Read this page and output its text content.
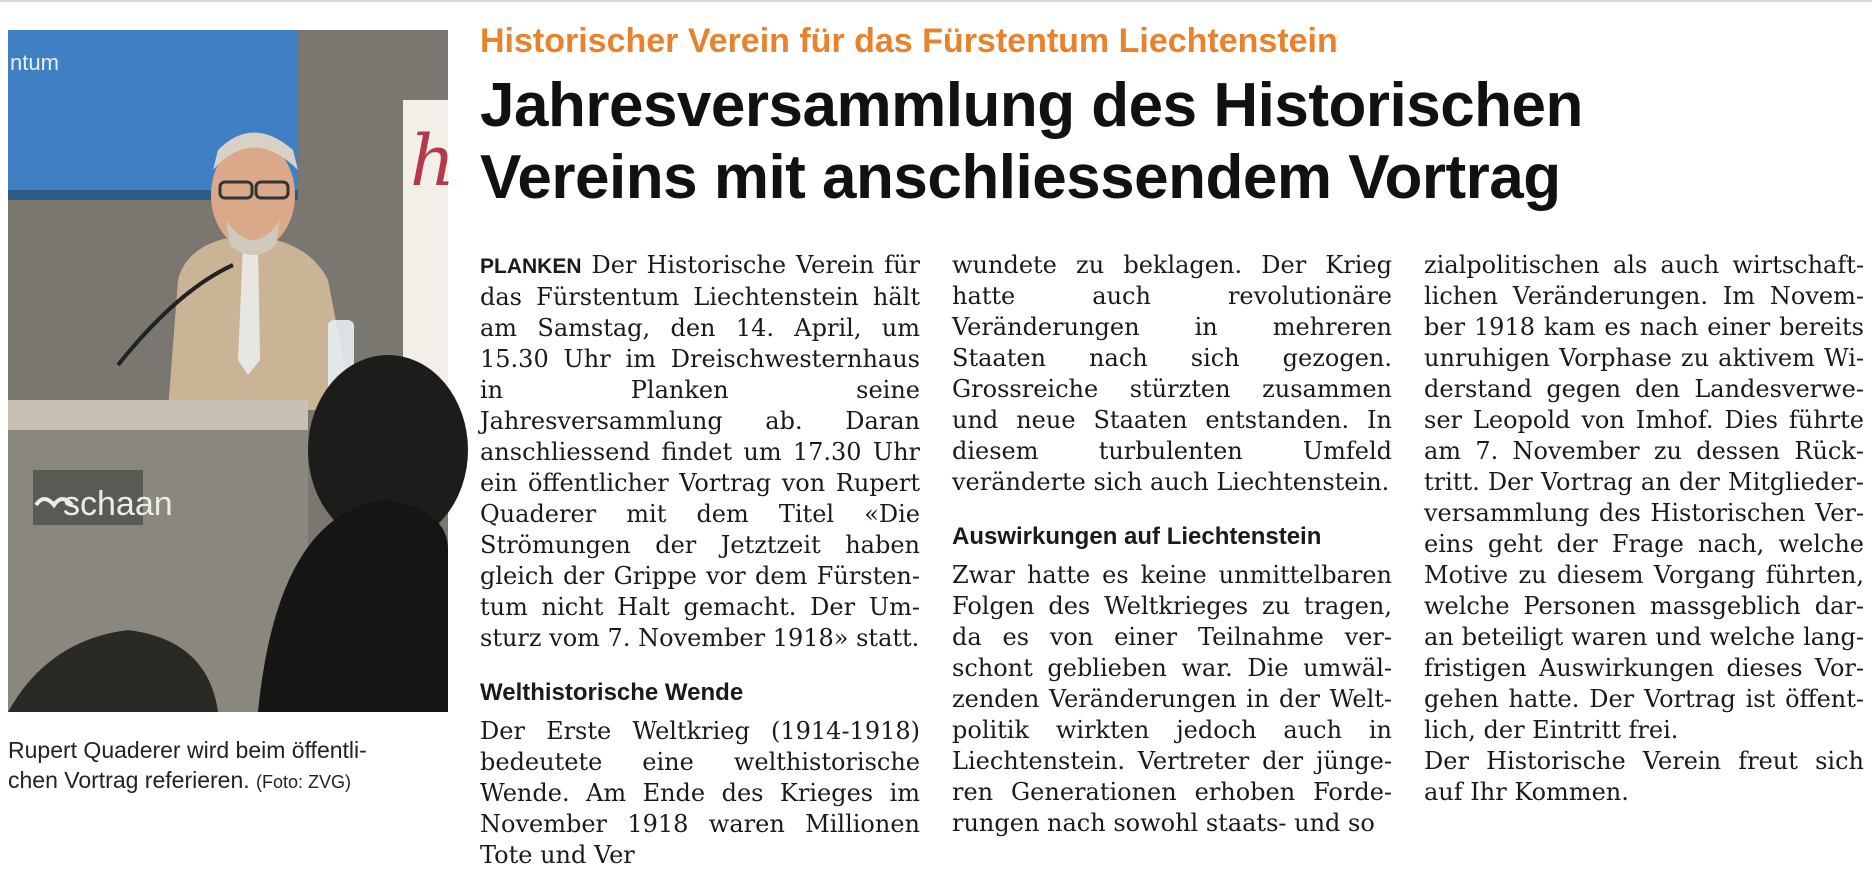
ntum
h
schaan
Rupert Quaderer wird beim öffentli-
chen Vortrag referieren. (Foto: ZVG)
Historischer Verein für das Fürstentum Liechtenstein
Jahresversammlung des Historischen
Vereins mit anschliessendem Vortrag

PLANKEN Der Historische Verein für das Fürstentum Liechtenstein hält am Samstag, den 14. April, um 15.30 Uhr im Dreischwesternhaus in Planken seine Jahresversammlung ab. Daran anschliessend findet um 17.30 Uhr ein öffentlicher Vortrag von Rupert Quaderer mit dem Titel «Die Strömungen der Jetztzeit haben gleich der Grippe vor dem Fürstentum nicht Halt gemacht. Der Umsturz vom 7. November 1918» statt.

Welthistorische Wende

Der Erste Weltkrieg (1914-1918) bedeutete eine welthistorische Wende. Am Ende des Krieges im November 1918 waren Millionen Tote und Ver

wundete zu beklagen. Der Krieg hatte auch revolutionäre Veränderungen in mehreren Staaten nach sich gezogen. Grossreiche stürzten zusammen und neue Staaten entstanden. In diesem turbulenten Umfeld veränderte sich auch Liechtenstein.

Auswirkungen auf Liechtenstein

Zwar hatte es keine unmittelbaren Folgen des Weltkrieges zu tragen, da es von einer Teilnahme verschont geblieben war. Die umwälzenden Veränderungen in der Weltpolitik wirkten jedoch auch in Liechtenstein. Vertreter der jüngeren Generationen erhoben Forderungen nach sowohl staats- und so

zialpolitischen als auch wirtschaftlichen Veränderungen. Im November 1918 kam es nach einer bereits unruhigen Vorphase zu aktivem Widerstand gegen den Landesverweser Leopold von Imhof. Dies führte am 7. November zu dessen Rücktritt. Der Vortrag an der Mitgliederversammlung des Historischen Vereins geht der Frage nach, welche Motive zu diesem Vorgang führten, welche Personen massgeblich daran beteiligt waren und welche langfristigen Auswirkungen dieses Vorgehen hatte. Der Vortrag ist öffentlich, der Eintritt frei.

Der Historische Verein freut sich auf Ihr Kommen.
